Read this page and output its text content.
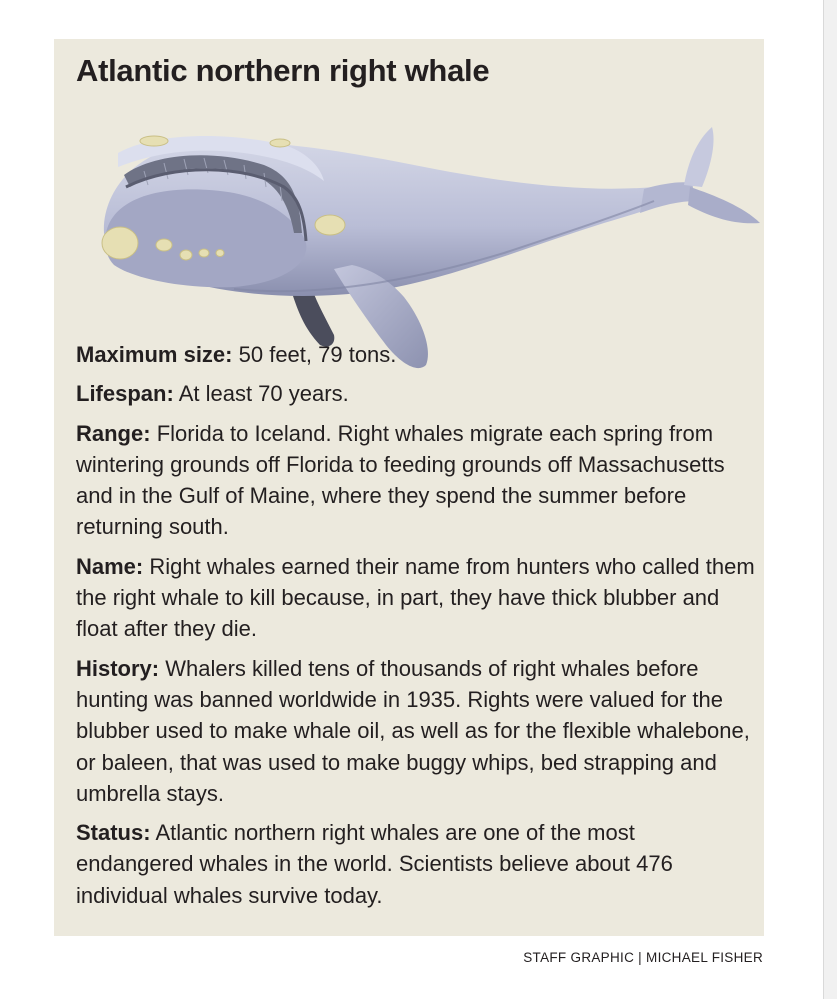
Atlantic northern right whale

Maximum size: 50 feet, 79 tons.

Lifespan: At least 70 years.

Range: Florida to Iceland. Right whales migrate each spring from wintering grounds off Florida to feeding grounds off Massachusetts and in the Gulf of Maine, where they spend the summer before returning south.

Name: Right whales earned their name from hunters who called them the right whale to kill because, in part, they have thick blubber and float after they die.

History: Whalers killed tens of thousands of right whales before hunting was banned worldwide in 1935. Rights were valued for the blubber used to make whale oil, as well as for the flexible whalebone, or baleen, that was used to make buggy whips, bed strapping and umbrella stays.

Status: Atlantic northern right whales are one of the most endangered whales in the world. Scientists believe about 476 individual whales survive today.

STAFF GRAPHIC | MICHAEL FISHER
